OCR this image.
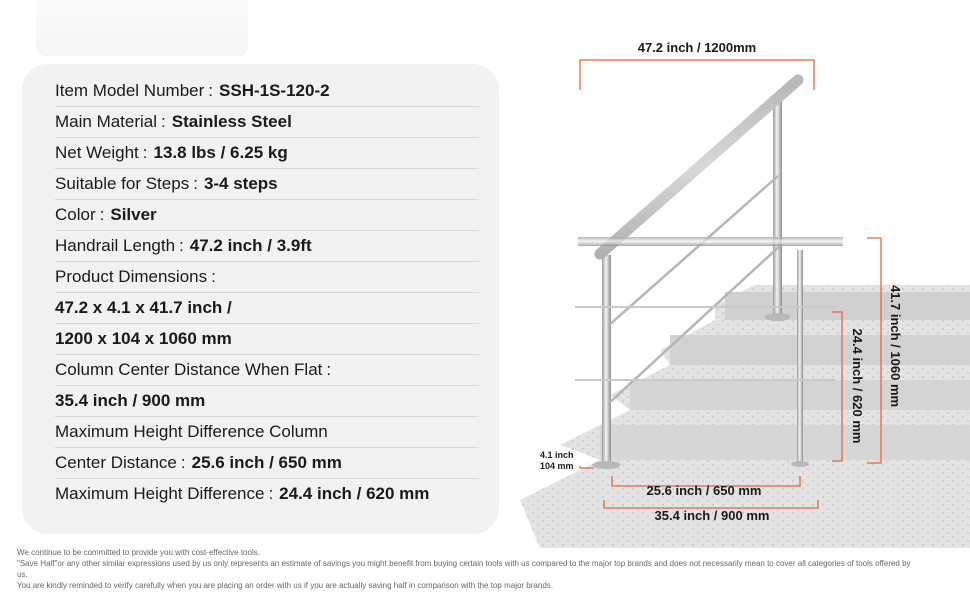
Item Model Number : SSH-1S-120-2
Main Material : Stainless Steel
Net Weight : 13.8 lbs / 6.25 kg
Suitable for Steps : 3-4 steps
Color : Silver
Handrail Length : 47.2 inch / 3.9ft
Product Dimensions :
47.2 x 4.1 x 41.7 inch /
1200 x 104 x 1060 mm
Column Center Distance When Flat :
35.4 inch / 900 mm
Maximum Height Difference Column
Center Distance : 25.6 inch / 650 mm
Maximum Height Difference : 24.4 inch / 620 mm
47.2 inch / 1200mm
41.7 inch / 1060 mm
24.4 inch / 620 mm
25.6 inch / 650 mm
35.4 inch / 900 mm
4.1 inch
104 mm
We continue to be committed to provide you with cost-effective tools.
"Save Half"or any other similar expressions used by us only represents an estimate of savings you might benefit from buying certain tools with us compared to the major top brands and does not necessarily mean to cover all categories of tools offered by us.
You are kindly reminded to verify carefully when you are placing an order with us if you are actually saving half in comparison with the top major brands.
